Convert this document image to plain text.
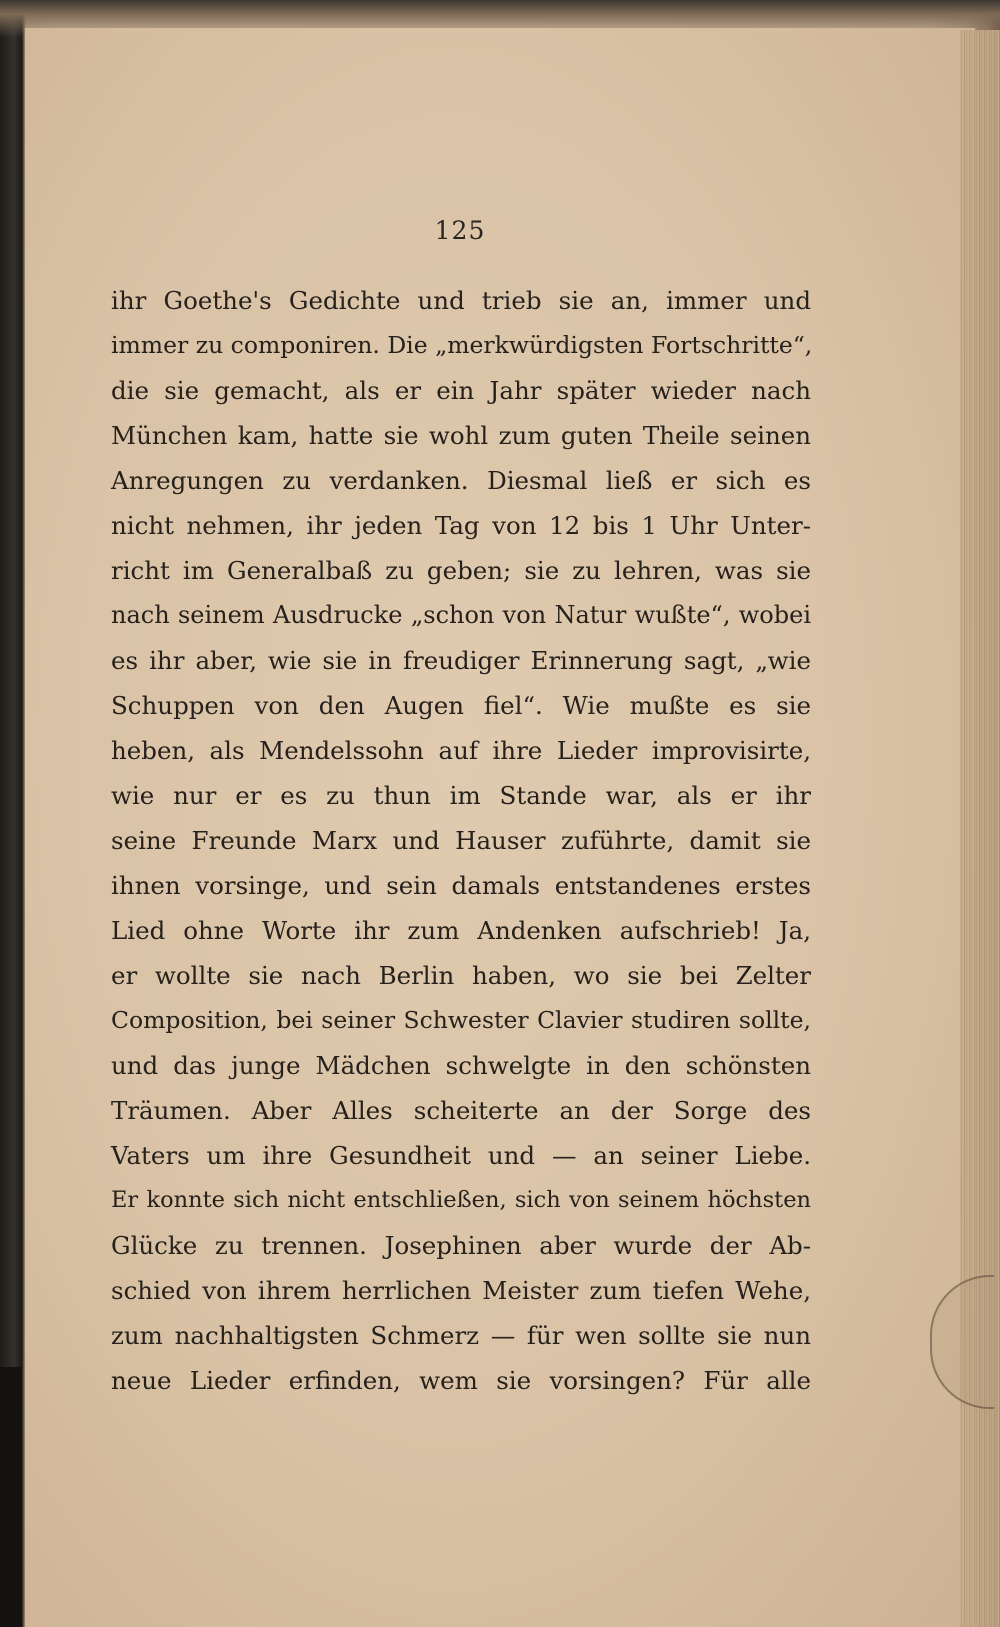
125
ihr Goethe's Gedichte und trieb sie an, immer und
immer zu componiren. Die „merkwürdigsten Fortschritte“,
die sie gemacht, als er ein Jahr später wieder nach
München kam, hatte sie wohl zum guten Theile seinen
Anregungen zu verdanken. Diesmal ließ er sich es
nicht nehmen, ihr jeden Tag von 12 bis 1 Uhr Unter-
richt im Generalbaß zu geben; sie zu lehren, was sie
nach seinem Ausdrucke „schon von Natur wußte“, wobei
es ihr aber, wie sie in freudiger Erinnerung sagt, „wie
Schuppen von den Augen fiel“. Wie mußte es sie
heben, als Mendelssohn auf ihre Lieder improvisirte,
wie nur er es zu thun im Stande war, als er ihr
seine Freunde Marx und Hauser zuführte, damit sie
ihnen vorsinge, und sein damals entstandenes erstes
Lied ohne Worte ihr zum Andenken aufschrieb! Ja,
er wollte sie nach Berlin haben, wo sie bei Zelter
Composition, bei seiner Schwester Clavier studiren sollte,
und das junge Mädchen schwelgte in den schönsten
Träumen. Aber Alles scheiterte an der Sorge des
Vaters um ihre Gesundheit und — an seiner Liebe.
Er konnte sich nicht entschließen, sich von seinem höchsten
Glücke zu trennen. Josephinen aber wurde der Ab-
schied von ihrem herrlichen Meister zum tiefen Wehe,
zum nachhaltigsten Schmerz — für wen sollte sie nun
neue Lieder erfinden, wem sie vorsingen? Für alle
